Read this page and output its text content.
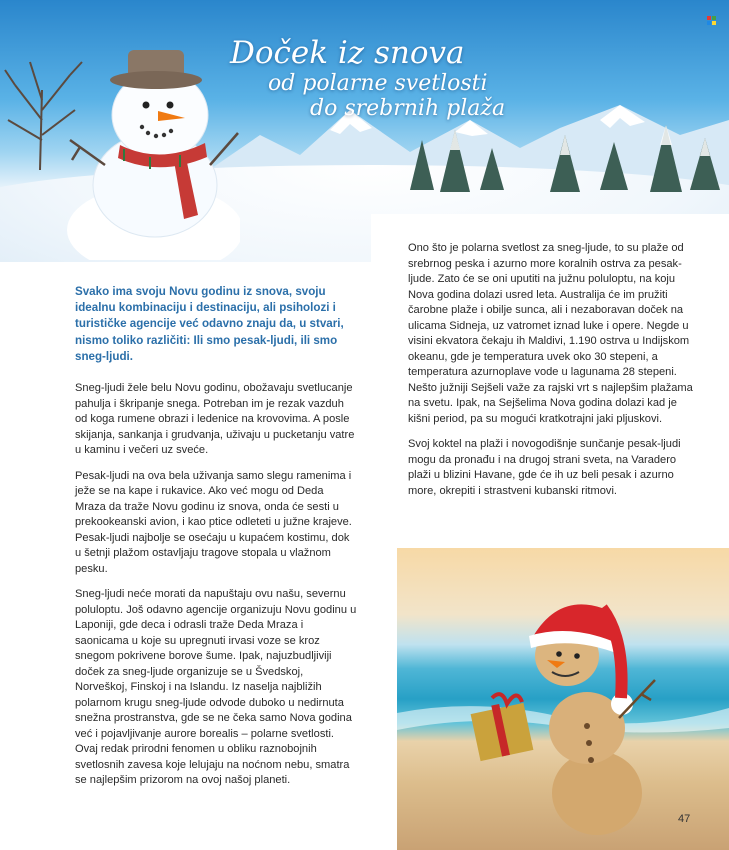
Doček iz snova
od polarne svetlosti
do srebrnih plaža

Svako ima svoju Novu godinu iz snova, svoju idealnu kombinaciju i destinaciju, ali psiholozi i turističke agencije već odavno znaju da, u stvari, nismo toliko različiti: Ili smo pesak-ljudi, ili smo sneg-ljudi.

Sneg-ljudi žele belu Novu godinu, obožavaju svetlucanje pahulja i škripanje snega. Potreban im je rezak vazduh od koga rumene obrazi i ledenice na krovovima. A posle skijanja, sankanja i grudvanja, uživaju u pucketanju vatre u kaminu i večeri uz sveće.

Pesak-ljudi na ova bela uživanja samo slegu ramenima i ježe se na kape i rukavice. Ako već mogu od Deda Mraza da traže Novu godinu iz snova, onda će sesti u prekookeanski avion, i kao ptice odleteti u južne krajeve. Pesak-ljudi najbolje se osećaju u kupaćem kostimu, dok u šetnji plažom ostavljaju tragove stopala u vlažnom pesku.

Sneg-ljudi neće morati da napuštaju ovu našu, severnu polulоptu. Još odavno agencije organizuju Novu godinu u Laponiji, gde deca i odrasli traže Deda Mraza i saonicama u koje su upregnuti irvasi voze se kroz snegom pokrivene borove šume. Ipak, najuzbudljiviji doček za sneg-ljude organizuje se u Švedskoj, Norveškoj, Finskoj i na Islandu. Iz naselja najbližih polarnom krugu sneg-ljude odvode duboko u nedirnuta snežna prostranstva, gde se ne čeka samo Nova godina već i pojavljivanje aurore borealis – polarne svetlosti. Ovaj redak prirodni fenomen u obliku raznobojnih svetlosnih zavesa koje lelujaju na noćnom nebu, smatra se najlepšim prizorom na ovoj našoj planeti.

Ono što je polarna svetlost za sneg-ljude, to su plaže od srebrnog peska i azurno more koralnih ostrva za pesak-ljude. Zato će se oni uputiti na južnu polulоptu, na koju Nova godina dolazi usred leta. Australija će im pružiti čarobne plaže i obilje sunca, ali i nezaboravan doček na ulicama Sidneja, uz vatromet iznad luke i opere. Negde u visini ekvatora čekaju ih Maldivi, 1.190 ostrva u Indijskom okeanu, gde je temperatura uvek oko 30 stepeni, a temperatura azurnoplave vode u lagunama 28 stepeni. Nešto južniji Sejšeli važe za rajski vrt s najlepšim plažama na svetu. Ipak, na Sejšelima Nova godina dolazi kad je kišni period, pa su mogući kratkotrajni jaki pljuskovi.

Svoj koktel na plaži i novogodišnje sunčanje pesak-ljudi mogu da pronađu i na drugoj strani sveta, na Varadero plaži u blizini Havane, gde će ih uz beli pesak i azurno more, okrepiti i strastveni kubanski ritmovi.

47
